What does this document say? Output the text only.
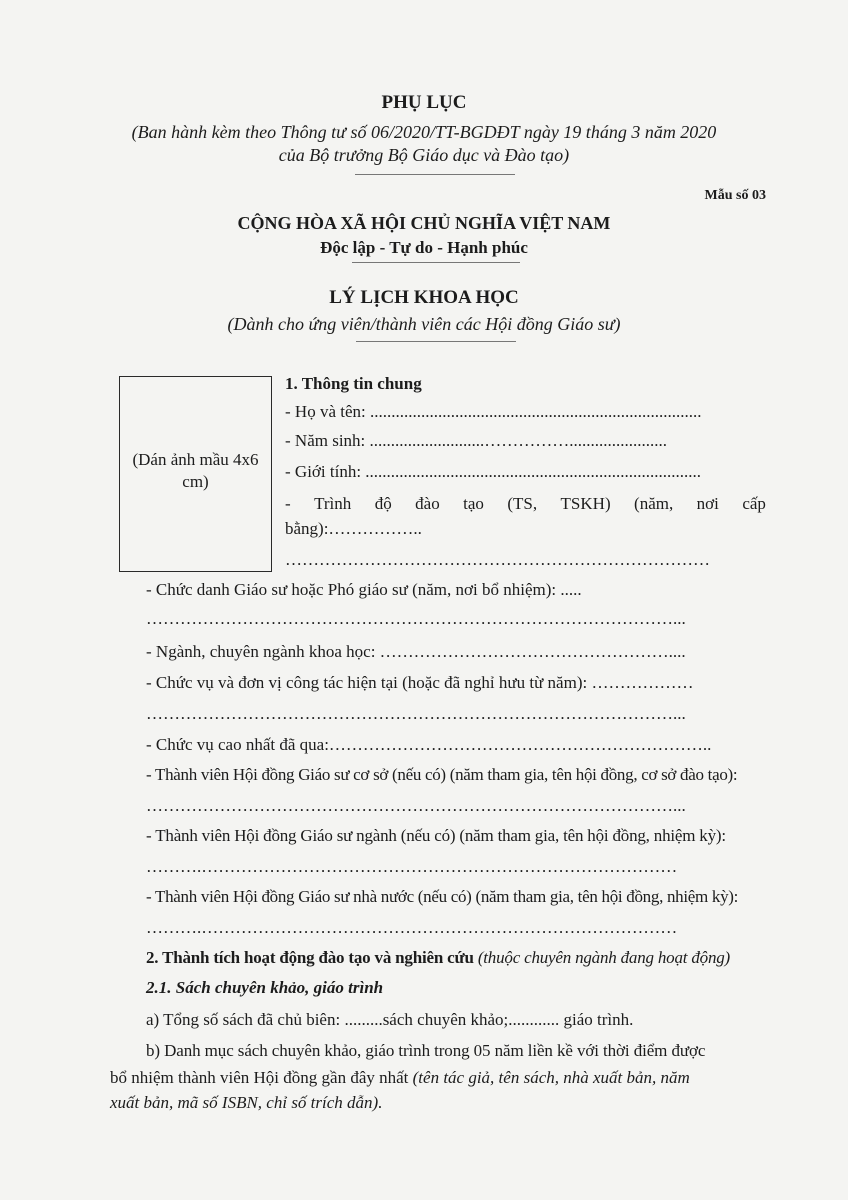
PHỤ LỤC
(Ban hành kèm theo Thông tư số 06/2020/TT-BGDĐT ngày 19 tháng 3 năm 2020
của Bộ trưởng Bộ Giáo dục và Đào tạo)
Mẫu số 03
CỘNG HÒA XÃ HỘI CHỦ NGHĨA VIỆT NAM
Độc lập - Tự do - Hạnh phúc
LÝ LỊCH KHOA HỌC
(Dành cho ứng viên/thành viên các Hội đồng Giáo sư)
(Dán ảnh mầu 4x6 cm)
1. Thông tin chung
- Họ và tên: ..............................................................................
- Năm sinh: ...........................…………….......................
- Giới tính: ...............................................................................
- Trình độ đào tạo (TS, TSKH) (năm, nơi cấp
bằng):……………..
…………………………………………………………………
- Chức danh Giáo sư hoặc Phó giáo sư (năm, nơi bổ nhiệm): .....
…………………………………………………………………………………...
- Ngành, chuyên ngành khoa học: ……………………………………………....
- Chức vụ và đơn vị công tác hiện tại (hoặc đã nghỉ hưu từ năm): ………………
…………………………………………………………………………………...
- Chức vụ cao nhất đã qua:…………………………………………………………..
- Thành viên Hội đồng Giáo sư cơ sở (nếu có) (năm tham gia, tên hội đồng, cơ sở đào tạo):
…………………………………………………………………………………...
- Thành viên Hội đồng Giáo sư ngành (nếu có) (năm tham gia, tên hội đồng, nhiệm kỳ):
……….…………………………………………………………………………
- Thành viên Hội đồng Giáo sư nhà nước (nếu có) (năm tham gia, tên hội đồng, nhiệm kỳ):
……….…………………………………………………………………………
2. Thành tích hoạt động đào tạo và nghiên cứu (thuộc chuyên ngành đang hoạt động)
2.1. Sách chuyên khảo, giáo trình
a) Tổng số sách đã chủ biên: .........sách chuyên khảo;............ giáo trình.
b) Danh mục sách chuyên khảo, giáo trình trong 05 năm liền kề với thời điểm được
bổ nhiệm thành viên Hội đồng gần đây nhất (tên tác giả, tên sách, nhà xuất bản, năm
xuất bản, mã số ISBN, chỉ số trích dẫn).
